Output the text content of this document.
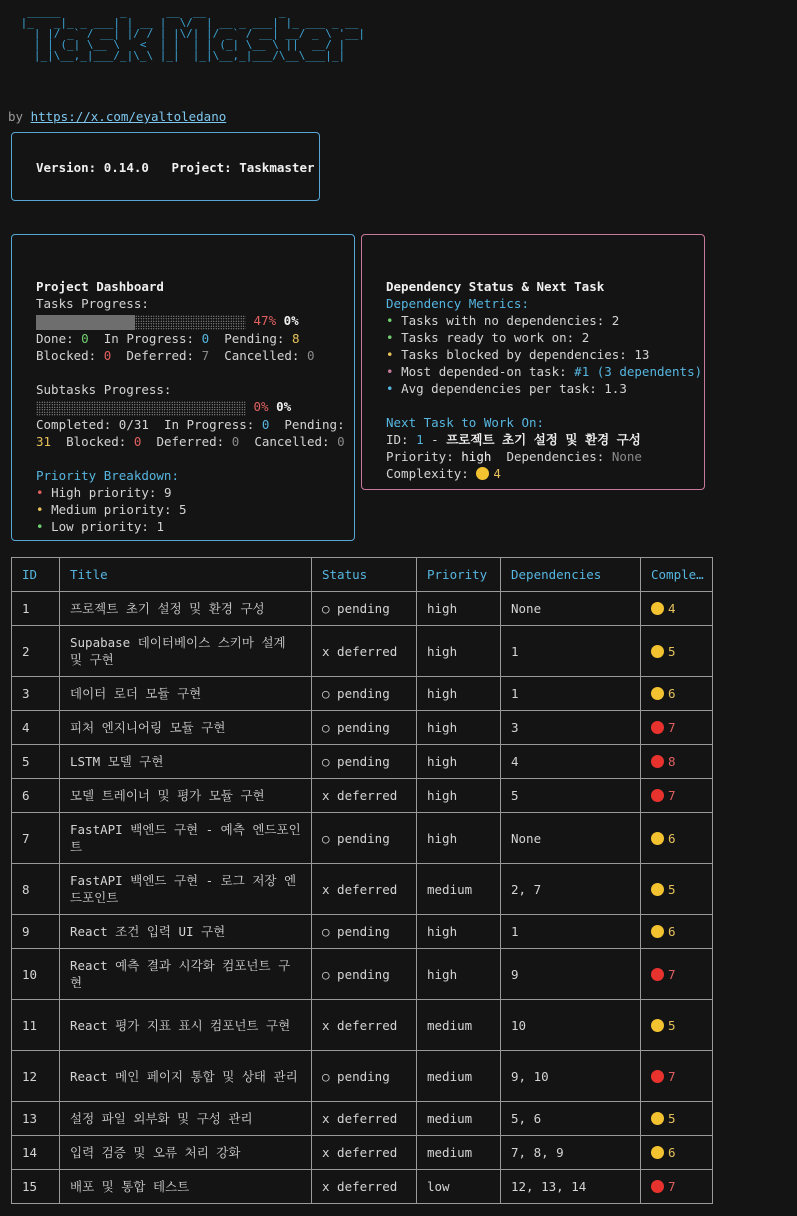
_____         _      __  __           _
|_   _|_ _ ___| | __ |  \/  | __ _ ___| |_ ___ _ __
| |/ _` / __| |/ / | |\/| |/ _` / __| __/ _ \ '__|
| | (_| \__ \   <  | |  | | (_| \__ \ ||  __/ |
|_|\__,_|___/_|\_\ |_|  |_|\__,_|___/\__\___|_|
by https://x.com/eyaltoledano
Version: 0.14.0 Project: Taskmaster

Project Dashboard
Tasks Progress:
47% 0%
Done: 0 In Progress: 0 Pending: 8
Blocked: 0 Deferred: 7 Cancelled: 0

Subtasks Progress:
0% 0%
Completed: 0/31 In Progress: 0 Pending:
31 Blocked: 0 Deferred: 0 Cancelled: 0

Priority Breakdown:
• High priority: 9
• Medium priority: 5
• Low priority: 1

Dependency Status & Next Task
Dependency Metrics:
• Tasks with no dependencies: 2
• Tasks ready to work on: 2
• Tasks blocked by dependencies: 13
• Most depended-on task: #1 (3 dependents)
• Avg dependencies per task: 1.3

Next Task to Work On:
ID: 1 - 프로젝트 초기 설정 및 환경 구성
Priority: high Dependencies: None
Complexity: 4
ID	Title	Status	Priority	Dependencies	Comple…
1	프로젝트 초기 설정 및 환경 구성	○ pending	high	None	4
2	Supabase 데이터베이스 스키마 설계 및 구현	x deferred	high	1	5
3	데이터 로더 모듈 구현	○ pending	high	1	6
4	피처 엔지니어링 모듈 구현	○ pending	high	3	7
5	LSTM 모델 구현	○ pending	high	4	8
6	모델 트레이너 및 평가 모듈 구현	x deferred	high	5	7
7	FastAPI 백엔드 구현 - 예측 엔드포인트	○ pending	high	None	6
8	FastAPI 백엔드 구현 - 로그 저장 엔드포인트	x deferred	medium	2, 7	5
9	React 조건 입력 UI 구현	○ pending	high	1	6
10	React 예측 결과 시각화 컴포넌트 구현	○ pending	high	9	7
11	React 평가 지표 표시 컴포넌트 구현	x deferred	medium	10	5
12	React 메인 페이지 통합 및 상태 관리	○ pending	medium	9, 10	7
13	설정 파일 외부화 및 구성 관리	x deferred	medium	5, 6	5
14	입력 검증 및 오류 처리 강화	x deferred	medium	7, 8, 9	6
15	배포 및 통합 테스트	x deferred	low	12, 13, 14	7
